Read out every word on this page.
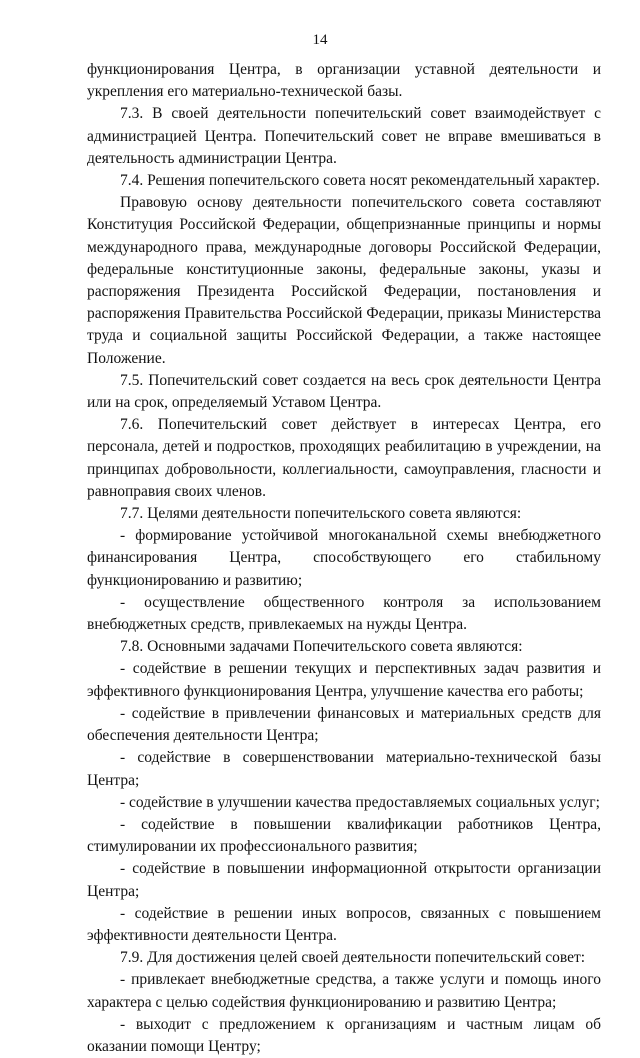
14

функционирования Центра, в организации уставной деятельности и укрепления его материально-технической базы.

7.3. В своей деятельности попечительский совет взаимодействует с администрацией Центра. Попечительский совет не вправе вмешиваться в деятельность администрации Центра.

7.4. Решения попечительского совета носят рекомендательный характер.

Правовую основу деятельности попечительского совета составляют Конституция Российской Федерации, общепризнанные принципы и нормы международного права, международные договоры Российской Федерации, федеральные конституционные законы, федеральные законы, указы и распоряжения Президента Российской Федерации, постановления и распоряжения Правительства Российской Федерации, приказы Министерства труда и социальной защиты Российской Федерации, а также настоящее Положение.

7.5. Попечительский совет создается на весь срок деятельности Центра или на срок, определяемый Уставом Центра.

7.6. Попечительский совет действует в интересах Центра, его персонала, детей и подростков, проходящих реабилитацию в учреждении, на принципах добровольности, коллегиальности, самоуправления, гласности и равноправия своих членов.

7.7. Целями деятельности попечительского совета являются:

- формирование устойчивой многоканальной схемы внебюджетного финансирования Центра, способствующего его стабильному функционированию и развитию;

- осуществление общественного контроля за использованием внебюджетных средств, привлекаемых на нужды Центра.

7.8. Основными задачами Попечительского совета являются:

- содействие в решении текущих и перспективных задач развития и эффективного функционирования Центра, улучшение качества его работы;

- содействие в привлечении финансовых и материальных средств для обеспечения деятельности Центра;

- содействие в совершенствовании материально-технической базы Центра;

- содействие в улучшении качества предоставляемых социальных услуг;

- содействие в повышении квалификации работников Центра, стимулировании их профессионального развития;

- содействие в повышении информационной открытости организации Центра;

- содействие в решении иных вопросов, связанных с повышением эффективности деятельности Центра.

7.9. Для достижения целей своей деятельности попечительский совет:

- привлекает внебюджетные средства, а также услуги и помощь иного характера с целью содействия функционированию и развитию Центра;

- выходит с предложением к организациям и частным лицам об оказании помощи Центру;
